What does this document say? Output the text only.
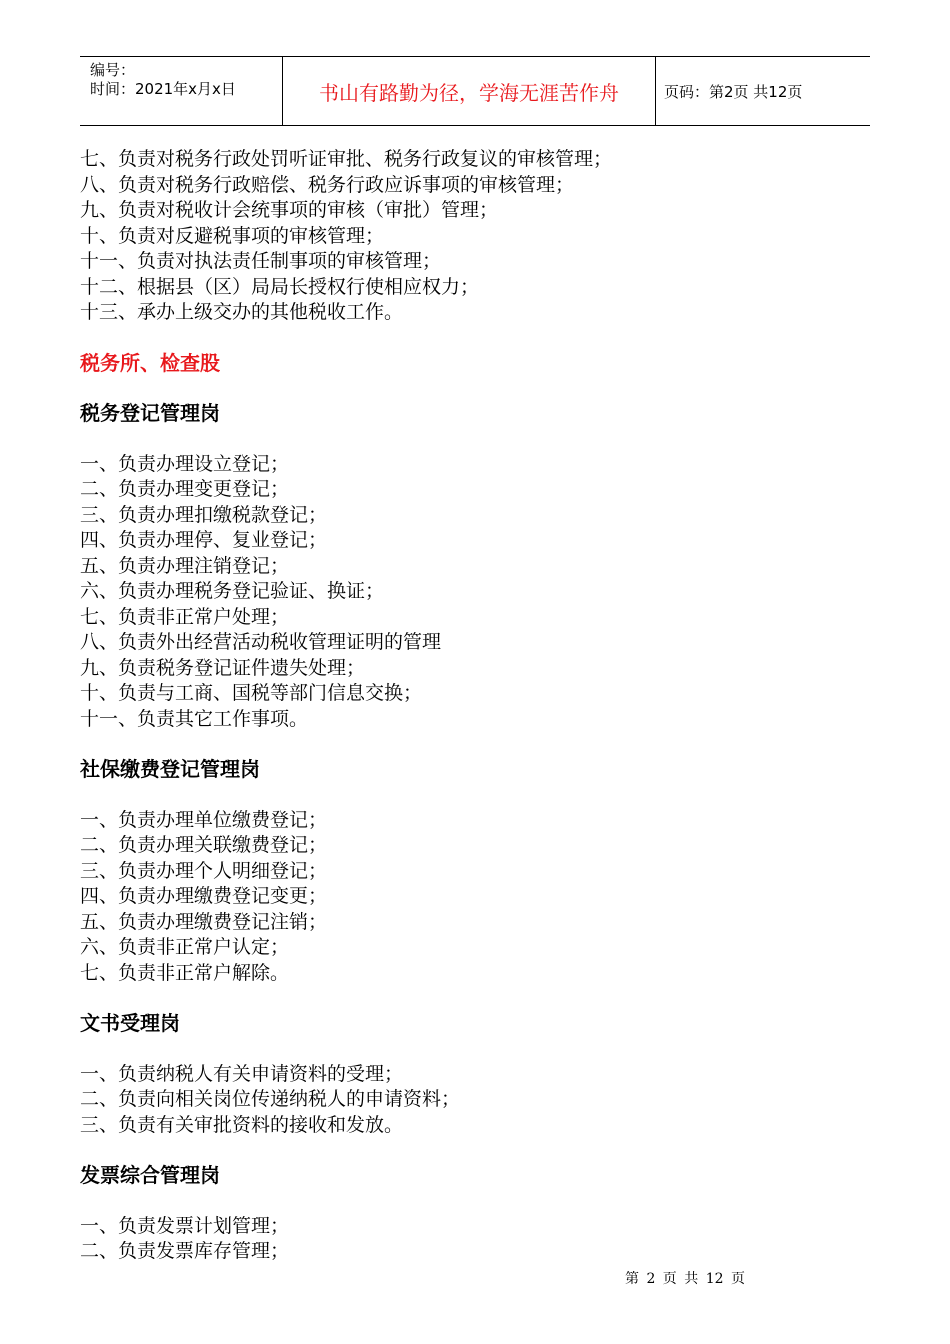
编号：
时间：2021年x月x日	书山有路勤为径，学海无涯苦作舟	页码：第2页 共12页
七、负责对税务行政处罚听证审批、税务行政复议的审核管理；
八、负责对税务行政赔偿、税务行政应诉事项的审核管理；
九、负责对税收计会统事项的审核（审批）管理；
十、负责对反避税事项的审核管理；
十一、负责对执法责任制事项的审核管理；
十二、根据县（区）局局长授权行使相应权力；
十三、承办上级交办的其他税收工作。
税务所、检查股
税务登记管理岗
一、负责办理设立登记；
二、负责办理变更登记；
三、负责办理扣缴税款登记；
四、负责办理停、复业登记；
五、负责办理注销登记；
六、负责办理税务登记验证、换证；
七、负责非正常户处理；
八、负责外出经营活动税收管理证明的管理
九、负责税务登记证件遗失处理；
十、负责与工商、国税等部门信息交换；
十一、负责其它工作事项。
社保缴费登记管理岗
一、负责办理单位缴费登记；
二、负责办理关联缴费登记；
三、负责办理个人明细登记；
四、负责办理缴费登记变更；
五、负责办理缴费登记注销；
六、负责非正常户认定；
七、负责非正常户解除。
文书受理岗
一、负责纳税人有关申请资料的受理；
二、负责向相关岗位传递纳税人的申请资料；
三、负责有关审批资料的接收和发放。
发票综合管理岗
一、负责发票计划管理；
二、负责发票库存管理；
第 2 页 共 12 页
